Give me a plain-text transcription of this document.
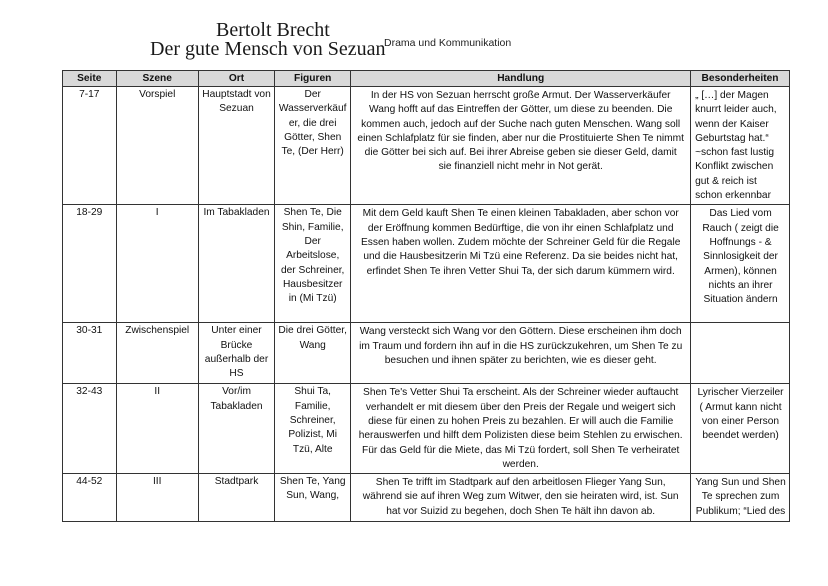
Bertolt Brecht
Der gute Mensch von Sezuan
Drama und Kommunikation
Seite	Szene	Ort	Figuren	Handlung	Besonderheiten
7-17	Vorspiel	Hauptstadt von Sezuan	Der Wasserverkäufer, die drei Götter, Shen Te, (Der Herr)	In der HS von Sezuan herrscht große Armut. Der Wasserverkäufer Wang hofft auf das Eintreffen der Götter, um diese zu beenden. Die kommen auch, jedoch auf der Suche nach guten Menschen. Wang soll einen Schlafplatz für sie finden, aber nur die Prostituierte Shen Te nimmt die Götter bei sich auf. Bei ihrer Abreise geben sie dieser Geld, damit sie finanziell nicht mehr in Not gerät.	„ […] der Magen knurrt leider auch, wenn der Kaiser Geburtstag hat.“ ~schon fast lustig Konflikt zwischen gut & reich ist schon erkennbar
18-29	I	Im Tabakladen	Shen Te, Die Shin, Familie, Der Arbeitslose, der Schreiner, Hausbesitzer in (Mi Tzü)	Mit dem Geld kauft Shen Te einen kleinen Tabakladen, aber schon vor der Eröffnung kommen Bedürftige, die von ihr einen Schlafplatz und Essen haben wollen. Zudem möchte der Schreiner Geld für die Regale und die Hausbesitzerin Mi Tzü eine Referenz. Da sie beides nicht hat, erfindet Shen Te ihren Vetter Shui Ta, der sich darum kümmern wird.	Das Lied vom Rauch ( zeigt die Hoffnungs - & Sinnlosigkeit der Armen), können nichts an ihrer Situation ändern
30-31	Zwischenspiel	Unter einer Brücke außerhalb der HS	Die drei Götter, Wang	Wang versteckt sich Wang vor den Göttern. Diese erscheinen ihm doch im Traum und fordern ihn auf in die HS zurückzukehren, um Shen Te zu besuchen und ihnen später zu berichten, wie es dieser geht.	
32-43	II	Vor/im Tabakladen	Shui Ta, Familie, Schreiner, Polizist, Mi Tzü, Alte	Shen Te's Vetter Shui Ta erscheint. Als der Schreiner wieder auftaucht verhandelt er mit diesem über den Preis der Regale und weigert sich diese für einen zu hohen Preis zu bezahlen. Er will auch die Familie herauswerfen und hilft dem Polizisten diese beim Stehlen zu erwischen. Für das Geld für die Miete, das Mi Tzü fordert, soll Shen Te verheiratet werden.	Lyrischer Vierzeiler ( Armut kann nicht von einer Person beendet werden)
44-52	III	Stadtpark	Shen Te, Yang Sun, Wang,	Shen Te trifft im Stadtpark auf den arbeitlosen Flieger Yang Sun, während sie auf ihren Weg zum Witwer, den sie heiraten wird, ist. Sun hat vor Suizid zu begehen, doch Shen Te hält ihn davon ab.	Yang Sun und Shen Te sprechen zum Publikum; “Lied des
